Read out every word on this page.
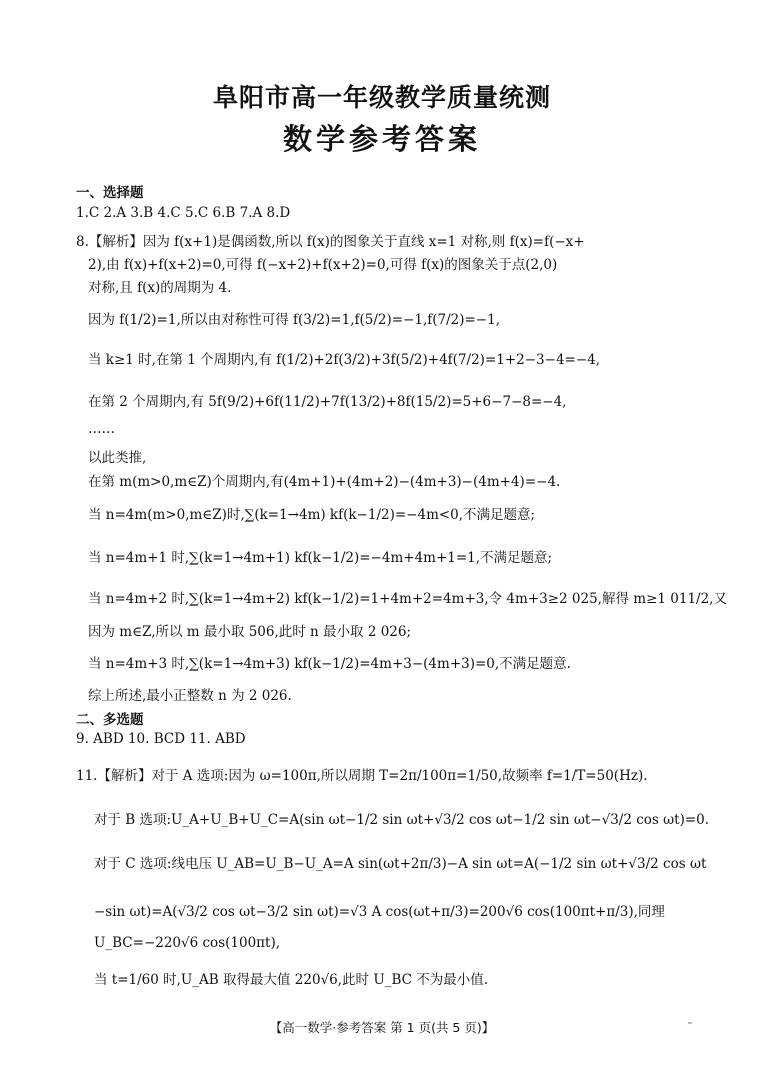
阜阳市高一年级教学质量统测
数学参考答案
一、选择题
1.C 2.A 3.B 4.C 5.C 6.B 7.A 8.D
8.【解析】因为 f(x+1)是偶函数,所以 f(x)的图象关于直线 x=1 对称,则 f(x)=f(−x+
2),由 f(x)+f(x+2)=0,可得 f(−x+2)+f(x+2)=0,可得 f(x)的图象关于点(2,0)
对称,且 f(x)的周期为 4.
因为 f(1/2)=1,所以由对称性可得 f(3/2)=1,f(5/2)=−1,f(7/2)=−1,
当 k≥1 时,在第 1 个周期内,有 f(1/2)+2f(3/2)+3f(5/2)+4f(7/2)=1+2−3−4=−4,
在第 2 个周期内,有 5f(9/2)+6f(11/2)+7f(13/2)+8f(15/2)=5+6−7−8=−4,
……
以此类推,
在第 m(m>0,m∈Z)个周期内,有(4m+1)+(4m+2)−(4m+3)−(4m+4)=−4.
当 n=4m(m>0,m∈Z)时,∑(k=1→4m) kf(k−1/2)=−4m<0,不满足题意;
当 n=4m+1 时,∑(k=1→4m+1) kf(k−1/2)=−4m+4m+1=1,不满足题意;
当 n=4m+2 时,∑(k=1→4m+2) kf(k−1/2)=1+4m+2=4m+3,令 4m+3≥2 025,解得 m≥1 011/2,又
因为 m∈Z,所以 m 最小取 506,此时 n 最小取 2 026;
当 n=4m+3 时,∑(k=1→4m+3) kf(k−1/2)=4m+3−(4m+3)=0,不满足题意.
综上所述,最小正整数 n 为 2 026.
二、多选题
9. ABD 10. BCD 11. ABD
11.【解析】对于 A 选项:因为 ω=100π,所以周期 T=2π/100π=1/50,故频率 f=1/T=50(Hz).
对于 B 选项:U_A+U_B+U_C=A(sin ωt−1/2 sin ωt+√3/2 cos ωt−1/2 sin ωt−√3/2 cos ωt)=0.
对于 C 选项:线电压 U_AB=U_B−U_A=A sin(ωt+2π/3)−A sin ωt=A(−1/2 sin ωt+√3/2 cos ωt
−sin ωt)=A(√3/2 cos ωt−3/2 sin ωt)=√3 A cos(ωt+π/3)=200√6 cos(100πt+π/3),同理
U_BC=−220√6 cos(100πt),
当 t=1/60 时,U_AB 取得最大值 220√6,此时 U_BC 不为最小值.
【高一数学·参考答案 第 1 页(共 5 页)】
